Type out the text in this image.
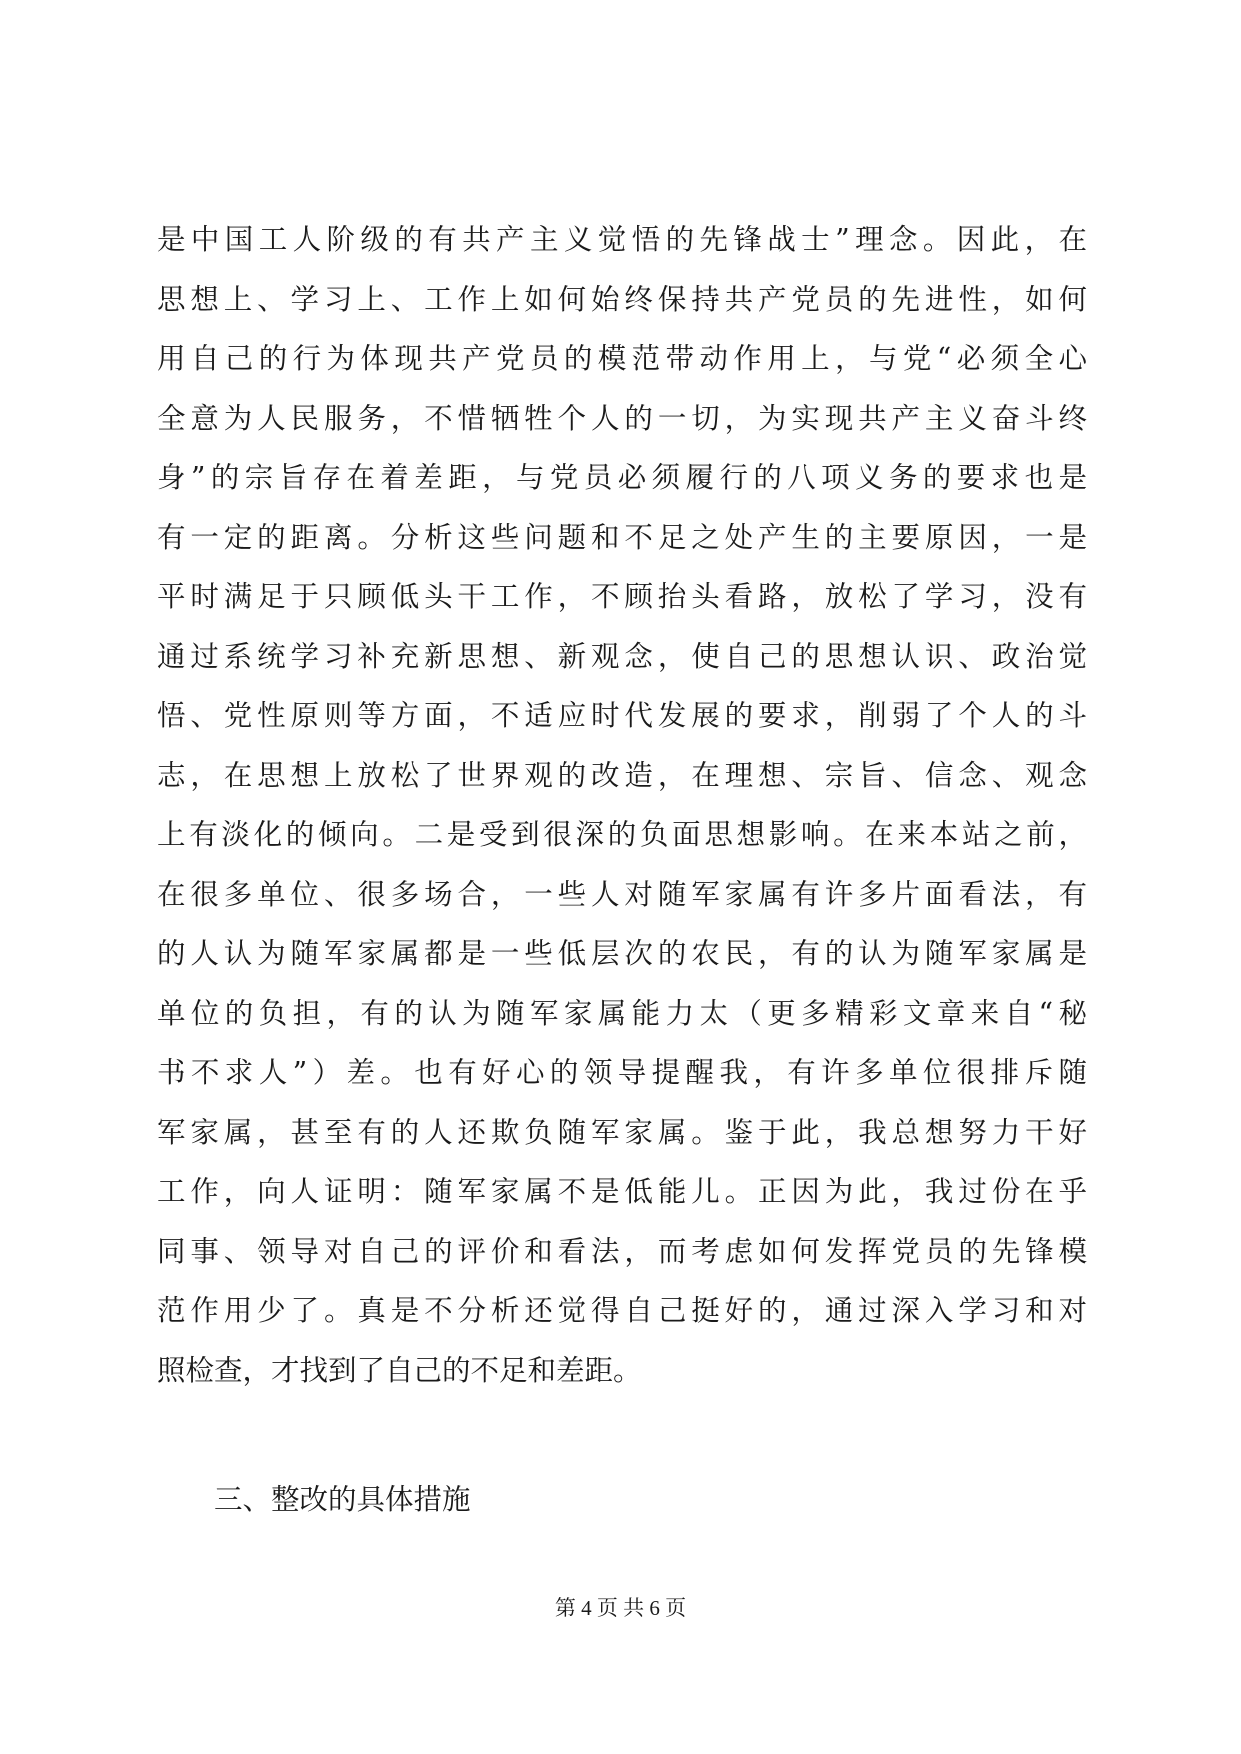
是中国工人阶级的有共产主义觉悟的先锋战士”理念。因此，在
思想上、学习上、工作上如何始终保持共产党员的先进性，如何
用自己的行为体现共产党员的模范带动作用上，与党“必须全心
全意为人民服务，不惜牺牲个人的一切，为实现共产主义奋斗终
身”的宗旨存在着差距，与党员必须履行的八项义务的要求也是
有一定的距离。分析这些问题和不足之处产生的主要原因，一是
平时满足于只顾低头干工作，不顾抬头看路，放松了学习，没有
通过系统学习补充新思想、新观念，使自己的思想认识、政治觉
悟、党性原则等方面，不适应时代发展的要求，削弱了个人的斗
志，在思想上放松了世界观的改造，在理想、宗旨、信念、观念
上有淡化的倾向。二是受到很深的负面思想影响。在来本站之前，
在很多单位、很多场合，一些人对随军家属有许多片面看法，有
的人认为随军家属都是一些低层次的农民，有的认为随军家属是
单位的负担，有的认为随军家属能力太（更多精彩文章来自“秘
书不求人”）差。也有好心的领导提醒我，有许多单位很排斥随
军家属，甚至有的人还欺负随军家属。鉴于此，我总想努力干好
工作，向人证明：随军家属不是低能儿。正因为此，我过份在乎
同事、领导对自己的评价和看法，而考虑如何发挥党员的先锋模
范作用少了。真是不分析还觉得自己挺好的，通过深入学习和对
照检查，才找到了自己的不足和差距。
三、整改的具体措施
第 4 页 共 6 页
